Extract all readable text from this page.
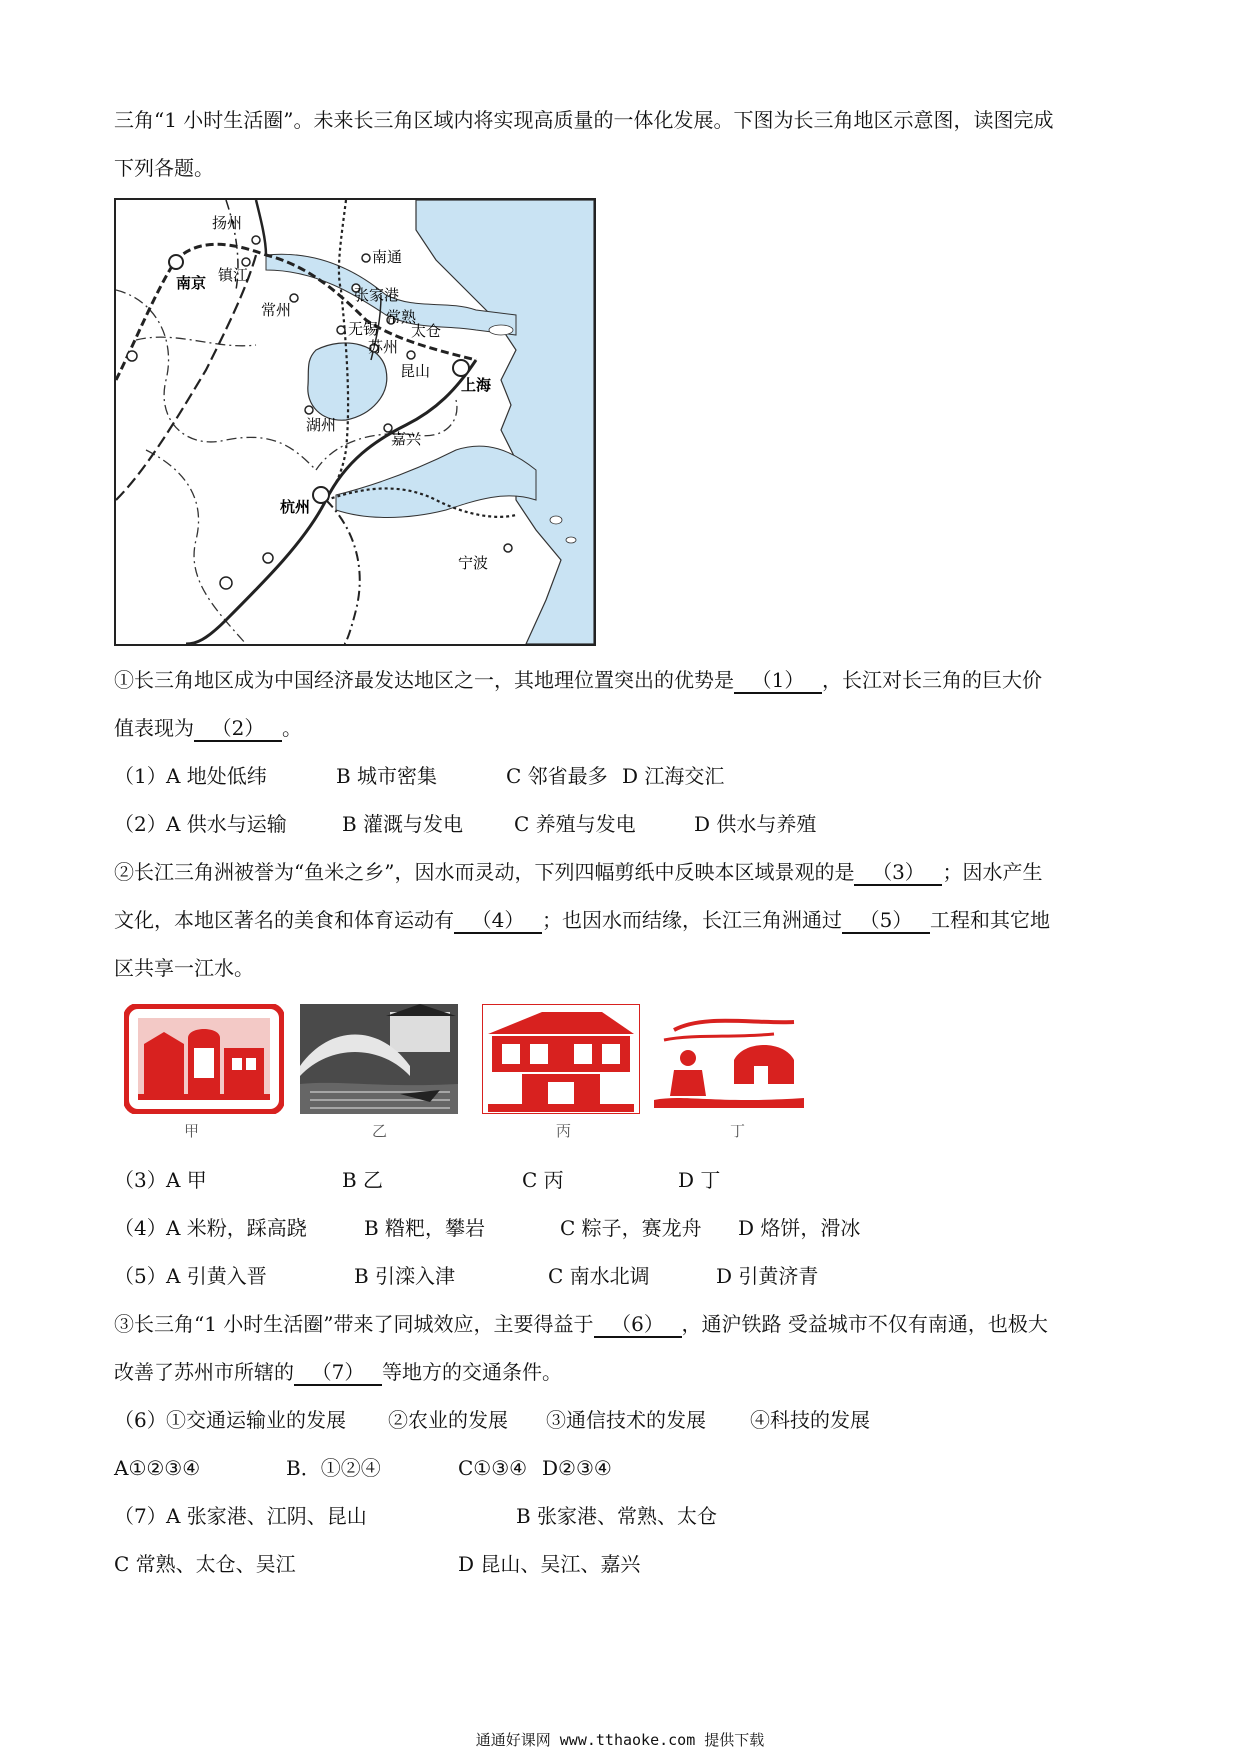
三角“1 小时生活圈”。未来长三角区域内将实现高质量的一体化发展。下图为长三角地区示意图，读图完成
下列各题。
扬州
南京 镇江
南通
张家港
常州	常熟
太仓
无锡
苏州
昆山
上海
湖州
嘉兴
杭州
宁波
①长三角地区成为中国经济最发达地区之一，其地理位置突出的优势是 （1） ，长江对长三角的巨大价
值表现为 （2） 。
（1） A 地处低纬	B 城市密集	C 邻省最多 D 江海交汇
（2） A 供水与运输	B 灌溉与发电	C 养殖与发电	D 供水与养殖
②长江三角洲被誉为“鱼米之乡”，因水而灵动，下列四幅剪纸中反映本区域景观的是 （3） ；因水产生
文化，本地区著名的美食和体育运动有 （4） ；也因水而结缘，长江三角洲通过 （5） 工程和其它地
区共享一江水。
甲	乙	丙	丁
（3） A 甲	B 乙	C 丙	D 丁
（4） A 米粉，踩高跷	B 糌粑，攀岩	C 粽子，赛龙舟 D 烙饼，滑冰
（5） A 引黄入晋	B 引滦入津	C 南水北调	D 引黄济青
③长三角“1 小时生活圈”带来了同城效应，主要得益于 （6） ，通沪铁路 受益城市不仅有南通，也极大
改善了苏州市所辖的 （7） 等地方的交通条件。
（6） ①交通运输业的发展 ②农业的发展 ③通信技术的发展 ④科技的发展
A①②③④	B．①②④	C①③④ D②③④
（7） A 张家港、江阴、昆山	B 张家港、常熟、太仓
C 常熟、太仓、吴江	D 昆山、吴江、嘉兴
通通好课网 www.tthaoke.com 提供下载
